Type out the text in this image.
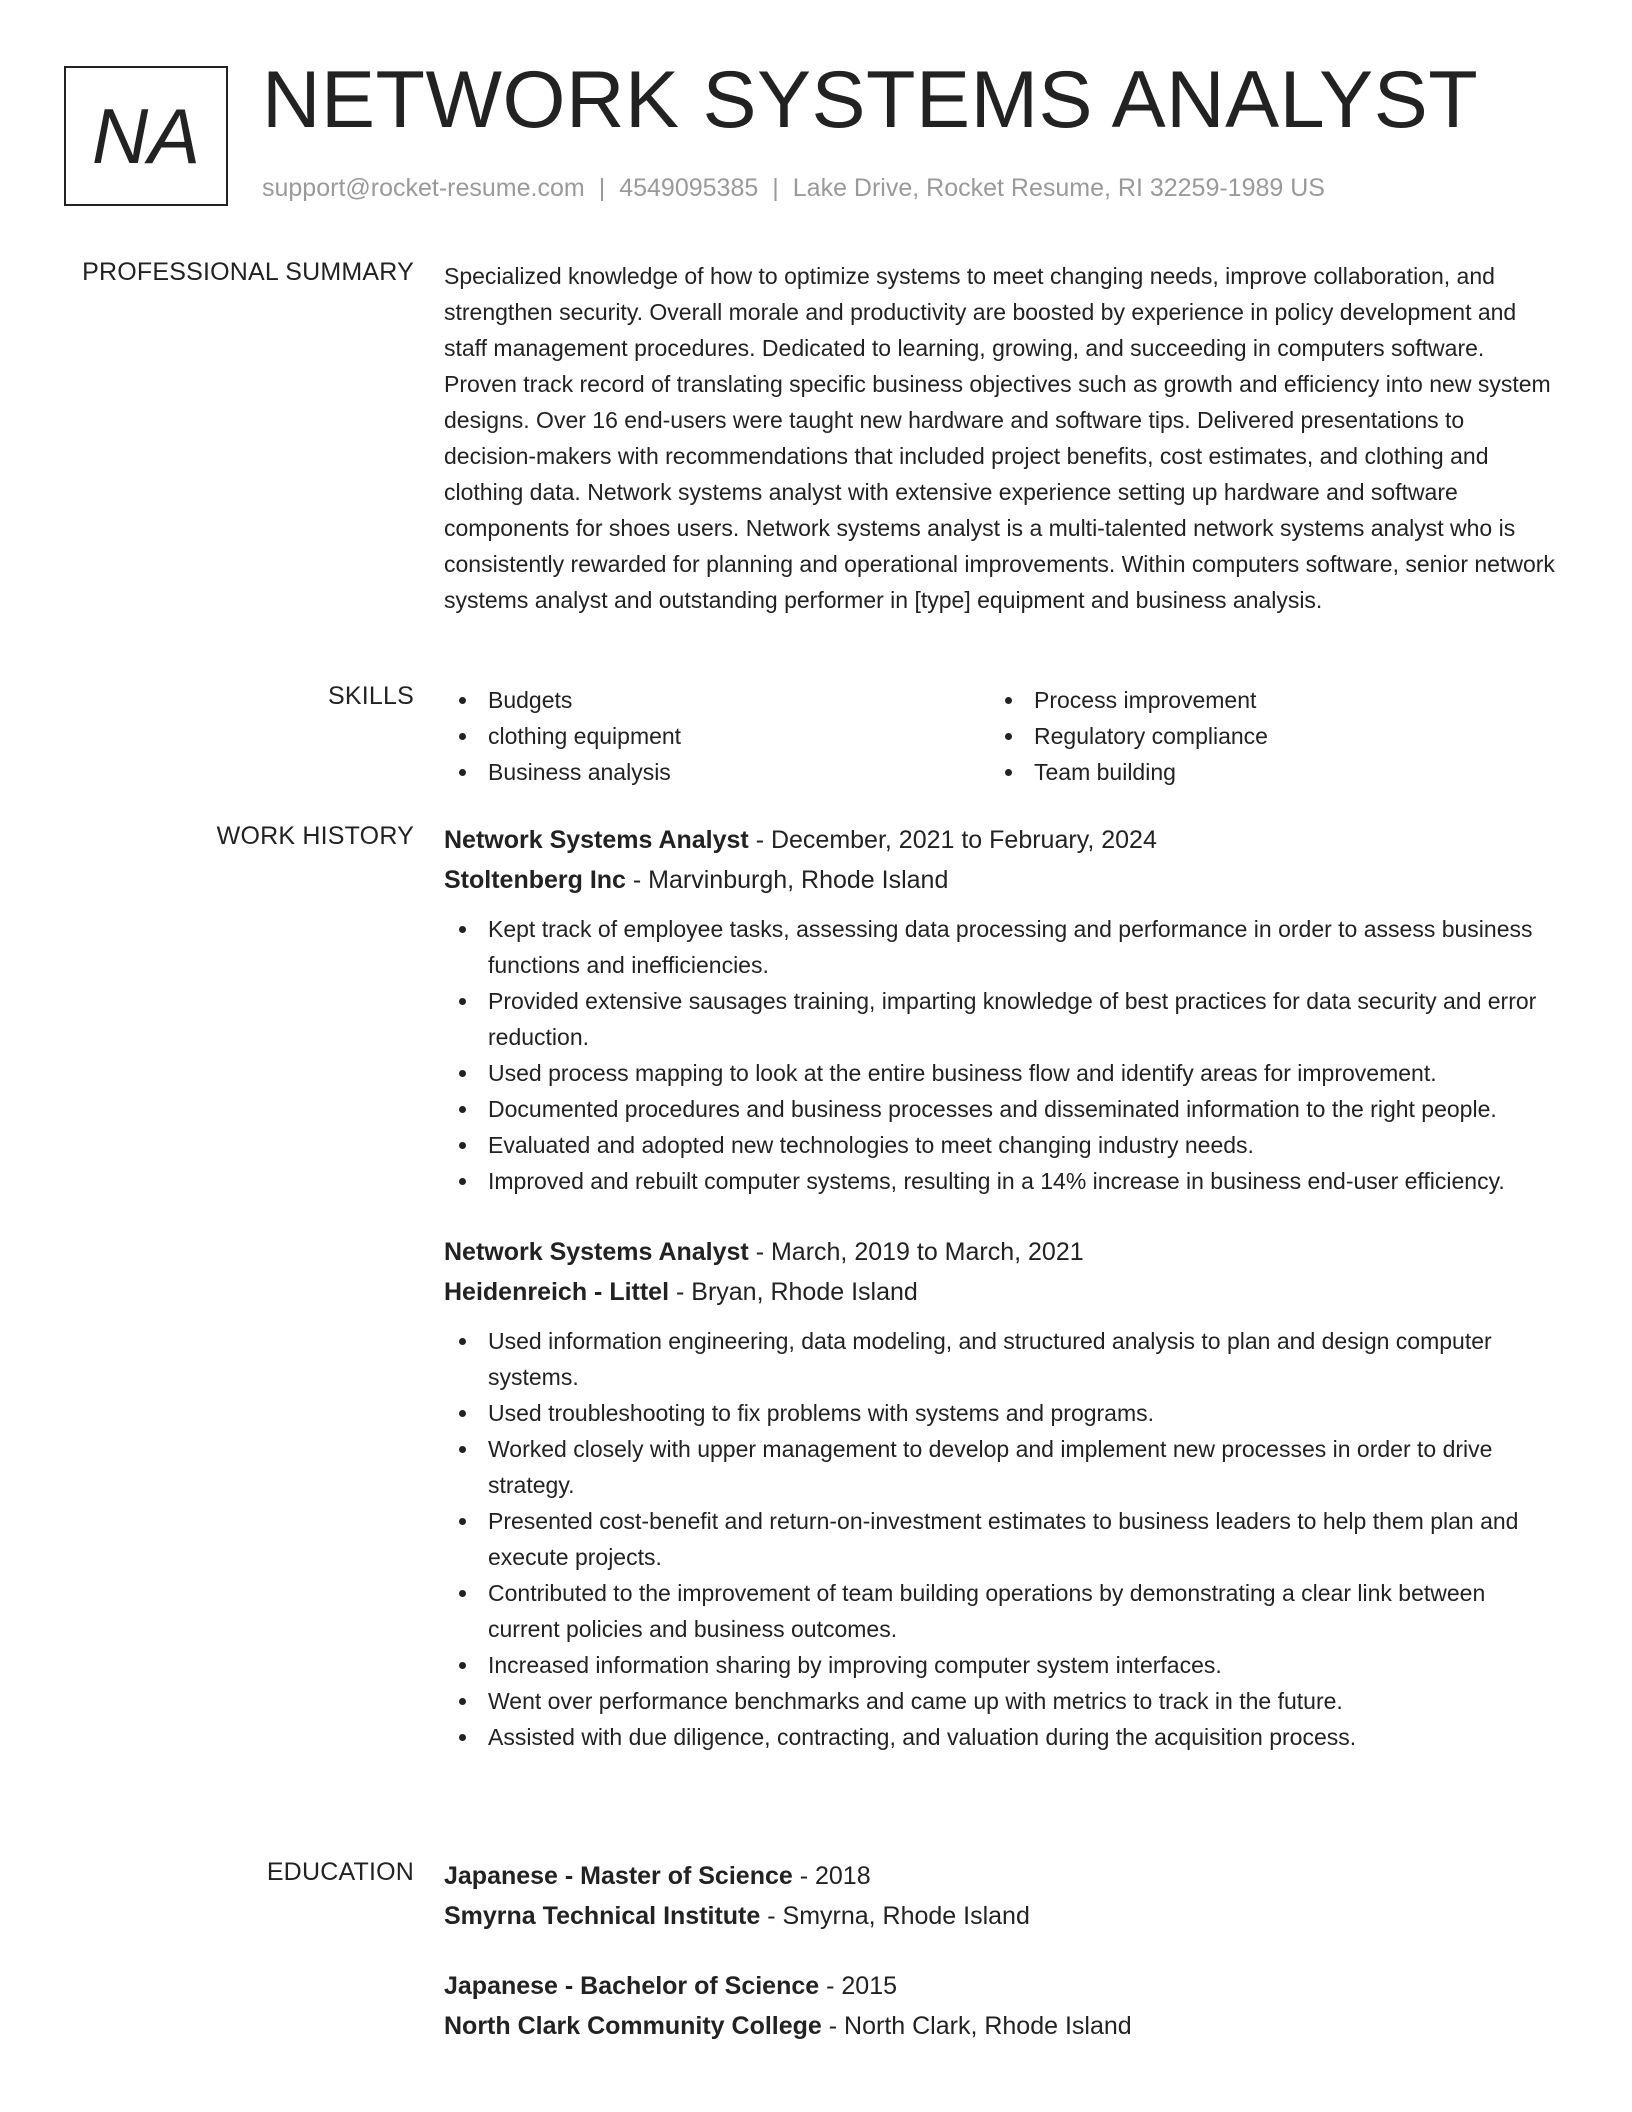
NA NETWORK SYSTEMS ANALYST
support@rocket-resume.com | 4549095385 | Lake Drive, Rocket Resume, RI 32259-1989 US
PROFESSIONAL SUMMARY Specialized knowledge of how to optimize systems to meet changing needs, improve collaboration, and strengthen security. Overall morale and productivity are boosted by experience in policy development and staff management procedures. Dedicated to learning, growing, and succeeding in computers software. Proven track record of translating specific business objectives such as growth and efficiency into new system designs. Over 16 end-users were taught new hardware and software tips. Delivered presentations to decision-makers with recommendations that included project benefits, cost estimates, and clothing and clothing data. Network systems analyst with extensive experience setting up hardware and software components for shoes users. Network systems analyst is a multi-talented network systems analyst who is consistently rewarded for planning and operational improvements. Within computers software, senior network systems analyst and outstanding performer in [type] equipment and business analysis.

SKILLS	Budgets
clothing equipment
Business analysis
Process improvement
Regulatory compliance
Team building
WORK HISTORY Network Systems Analyst - December, 2021 to February, 2024
Stoltenberg Inc - Marvinburgh, Rhode Island
Kept track of employee tasks, assessing data processing and performance in order to assess business functions and inefficiencies.
Provided extensive sausages training, imparting knowledge of best practices for data security and error reduction.
Used process mapping to look at the entire business flow and identify areas for improvement.
Documented procedures and business processes and disseminated information to the right people.
Evaluated and adopted new technologies to meet changing industry needs.
Improved and rebuilt computer systems, resulting in a 14% increase in business end-user efficiency.
Network Systems Analyst - March, 2019 to March, 2021
Heidenreich - Littel - Bryan, Rhode Island
Used information engineering, data modeling, and structured analysis to plan and design computer systems.
Used troubleshooting to fix problems with systems and programs.
Worked closely with upper management to develop and implement new processes in order to drive strategy.
Presented cost-benefit and return-on-investment estimates to business leaders to help them plan and execute projects.
Contributed to the improvement of team building operations by demonstrating a clear link between current policies and business outcomes.
Increased information sharing by improving computer system interfaces.
Went over performance benchmarks and came up with metrics to track in the future.
Assisted with due diligence, contracting, and valuation during the acquisition process.
EDUCATION Japanese - Master of Science - 2018
Smyrna Technical Institute - Smyrna, Rhode Island
Japanese - Bachelor of Science - 2015
North Clark Community College - North Clark, Rhode Island
